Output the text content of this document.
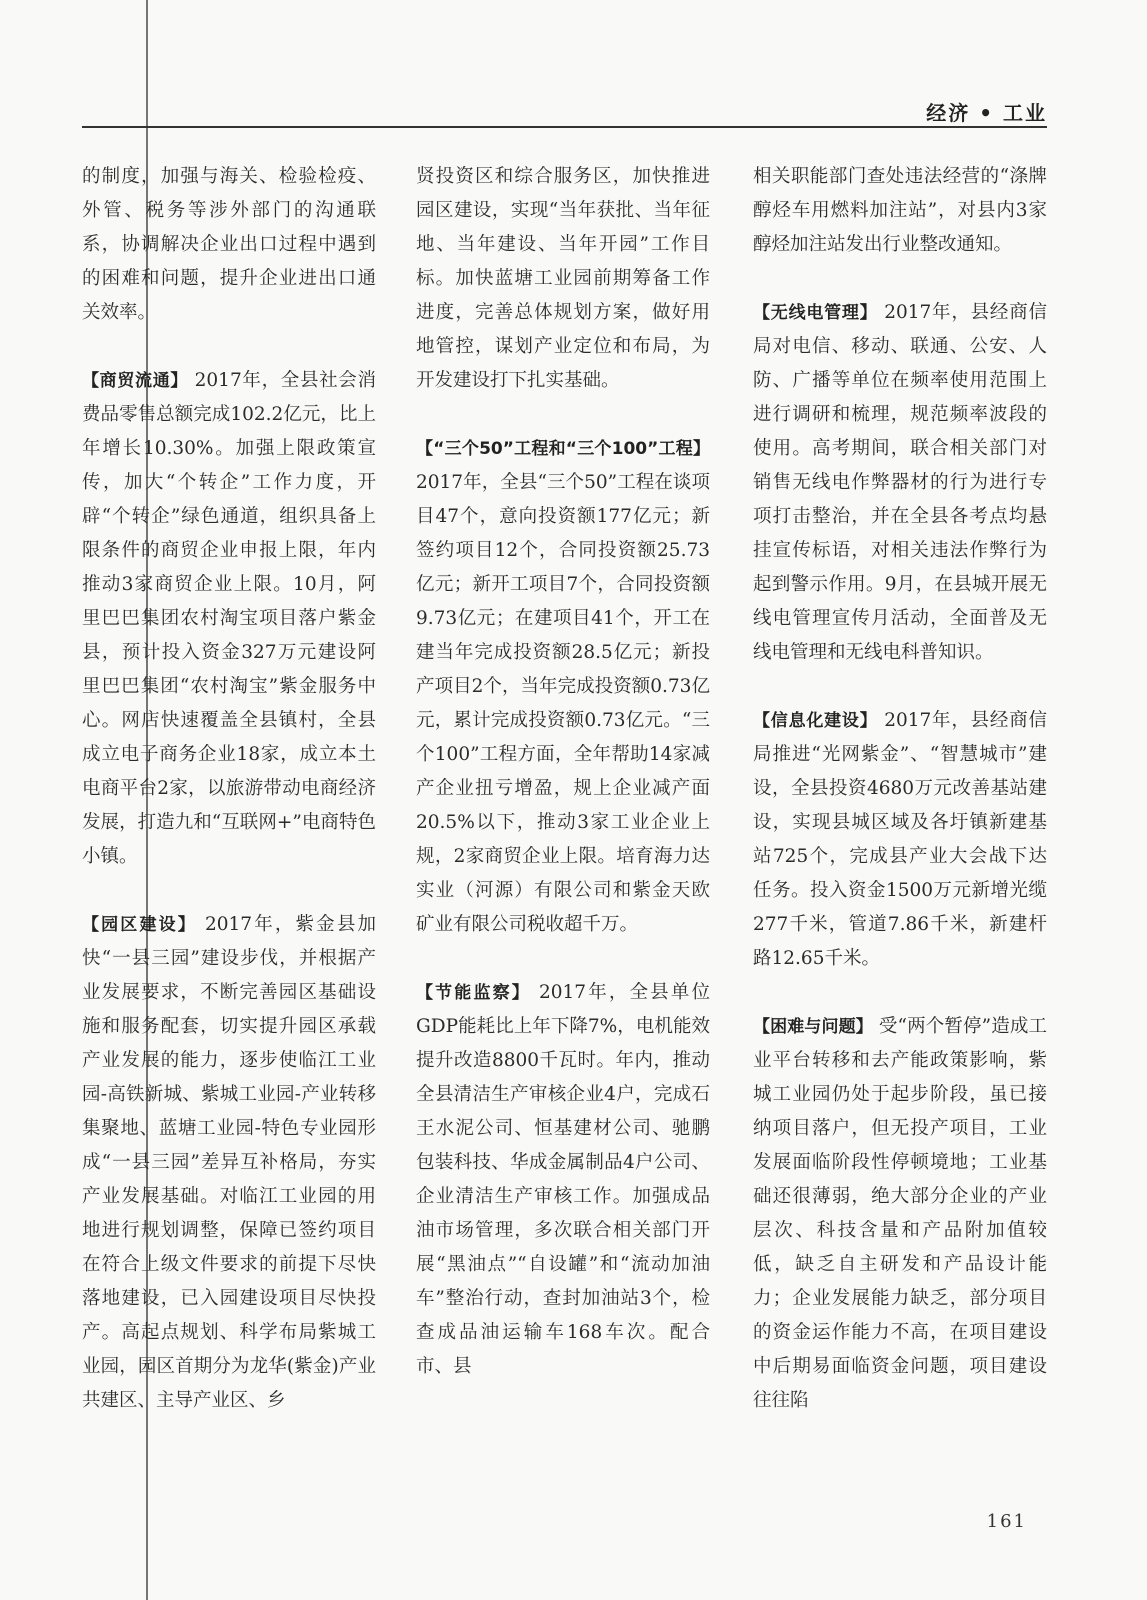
经济 • 工业

的制度，加强与海关、检验检疫、外管、税务等涉外部门的沟通联系，协调解决企业出口过程中遇到的困难和问题，提升企业进出口通关效率。

【商贸流通】 2017年，全县社会消费品零售总额完成102.2亿元，比上年增长10.30%。加强上限政策宣传，加大“个转企”工作力度，开辟“个转企”绿色通道，组织具备上限条件的商贸企业申报上限，年内推动3家商贸企业上限。10月，阿里巴巴集团农村淘宝项目落户紫金县，预计投入资金327万元建设阿里巴巴集团“农村淘宝”紫金服务中心。网店快速覆盖全县镇村，全县成立电子商务企业18家，成立本土电商平台2家，以旅游带动电商经济发展，打造九和“互联网+”电商特色小镇。

【园区建设】 2017年，紫金县加快“一县三园”建设步伐，并根据产业发展要求，不断完善园区基础设施和服务配套，切实提升园区承载产业发展的能力，逐步使临江工业园-高铁新城、紫城工业园-产业转移集聚地、蓝塘工业园-特色专业园形成“一县三园”差异互补格局，夯实产业发展基础。对临江工业园的用地进行规划调整，保障已签约项目在符合上级文件要求的前提下尽快落地建设，已入园建设项目尽快投产。高起点规划、科学布局紫城工业园，园区首期分为龙华(紫金)产业共建区、主导产业区、乡

贤投资区和综合服务区，加快推进园区建设，实现“当年获批、当年征地、当年建设、当年开园”工作目标。加快蓝塘工业园前期筹备工作进度，完善总体规划方案，做好用地管控，谋划产业定位和布局，为开发建设打下扎实基础。

【“三个50”工程和“三个100”工程】 2017年，全县“三个50”工程在谈项目47个，意向投资额177亿元；新签约项目12个，合同投资额25.73亿元；新开工项目7个，合同投资额9.73亿元；在建项目41个，开工在建当年完成投资额28.5亿元；新投产项目2个，当年完成投资额0.73亿元，累计完成投资额0.73亿元。“三个100”工程方面，全年帮助14家减产企业扭亏增盈，规上企业减产面20.5%以下，推动3家工业企业上规，2家商贸企业上限。培育海力达实业（河源）有限公司和紫金天欧矿业有限公司税收超千万。

【节能监察】 2017年，全县单位GDP能耗比上年下降7%，电机能效提升改造8800千瓦时。年内，推动全县清洁生产审核企业4户，完成石王水泥公司、恒基建材公司、驰鹏包装科技、华成金属制品4户公司、企业清洁生产审核工作。加强成品油市场管理，多次联合相关部门开展“黑油点”“自设罐”和“流动加油车”整治行动，查封加油站3个，检查成品油运输车168车次。配合市、县

相关职能部门查处违法经营的“涤牌醇烃车用燃料加注站”，对县内3家醇烃加注站发出行业整改通知。

【无线电管理】 2017年，县经商信局对电信、移动、联通、公安、人防、广播等单位在频率使用范围上进行调研和梳理，规范频率波段的使用。高考期间，联合相关部门对销售无线电作弊器材的行为进行专项打击整治，并在全县各考点均悬挂宣传标语，对相关违法作弊行为起到警示作用。9月，在县城开展无线电管理宣传月活动，全面普及无线电管理和无线电科普知识。

【信息化建设】 2017年，县经商信局推进“光网紫金”、“智慧城市”建设，全县投资4680万元改善基站建设，实现县城区域及各圩镇新建基站725个，完成县产业大会战下达任务。投入资金1500万元新增光缆277千米，管道7.86千米，新建杆路12.65千米。

【困难与问题】 受“两个暂停”造成工业平台转移和去产能政策影响，紫城工业园仍处于起步阶段，虽已接纳项目落户，但无投产项目，工业发展面临阶段性停顿境地；工业基础还很薄弱，绝大部分企业的产业层次、科技含量和产品附加值较低，缺乏自主研发和产品设计能力；企业发展能力缺乏，部分项目的资金运作能力不高，在项目建设中后期易面临资金问题，项目建设往往陷

161
